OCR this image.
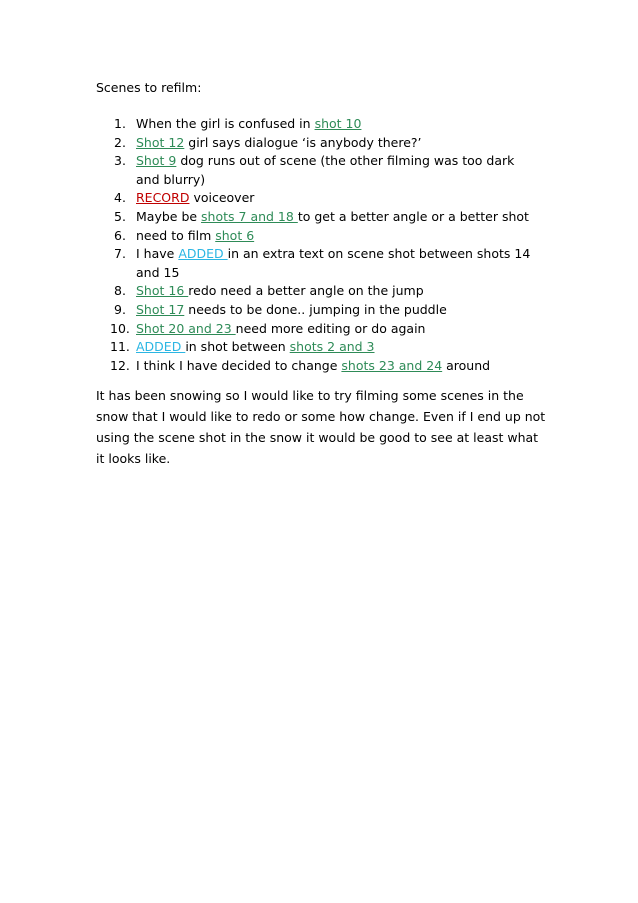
Scenes to refilm:

1. When the girl is confused in shot 10
2. Shot 12 girl says dialogue ‘is anybody there?’
3. Shot 9 dog runs out of scene (the other filming was too dark and blurry)
4. RECORD voiceover
5. Maybe be shots 7 and 18 to get a better angle or a better shot
6. need to film shot 6
7. I have ADDED in an extra text on scene shot between shots 14 and 15
8. Shot 16 redo need a better angle on the jump
9. Shot 17 needs to be done.. jumping in the puddle
10. Shot 20 and 23 need more editing or do again
11. ADDED in shot between shots 2 and 3
12. I think I have decided to change shots 23 and 24 around

It has been snowing so I would like to try filming some scenes in the snow that I would like to redo or some how change. Even if I end up not using the scene shot in the snow it would be good to see at least what it looks like.
